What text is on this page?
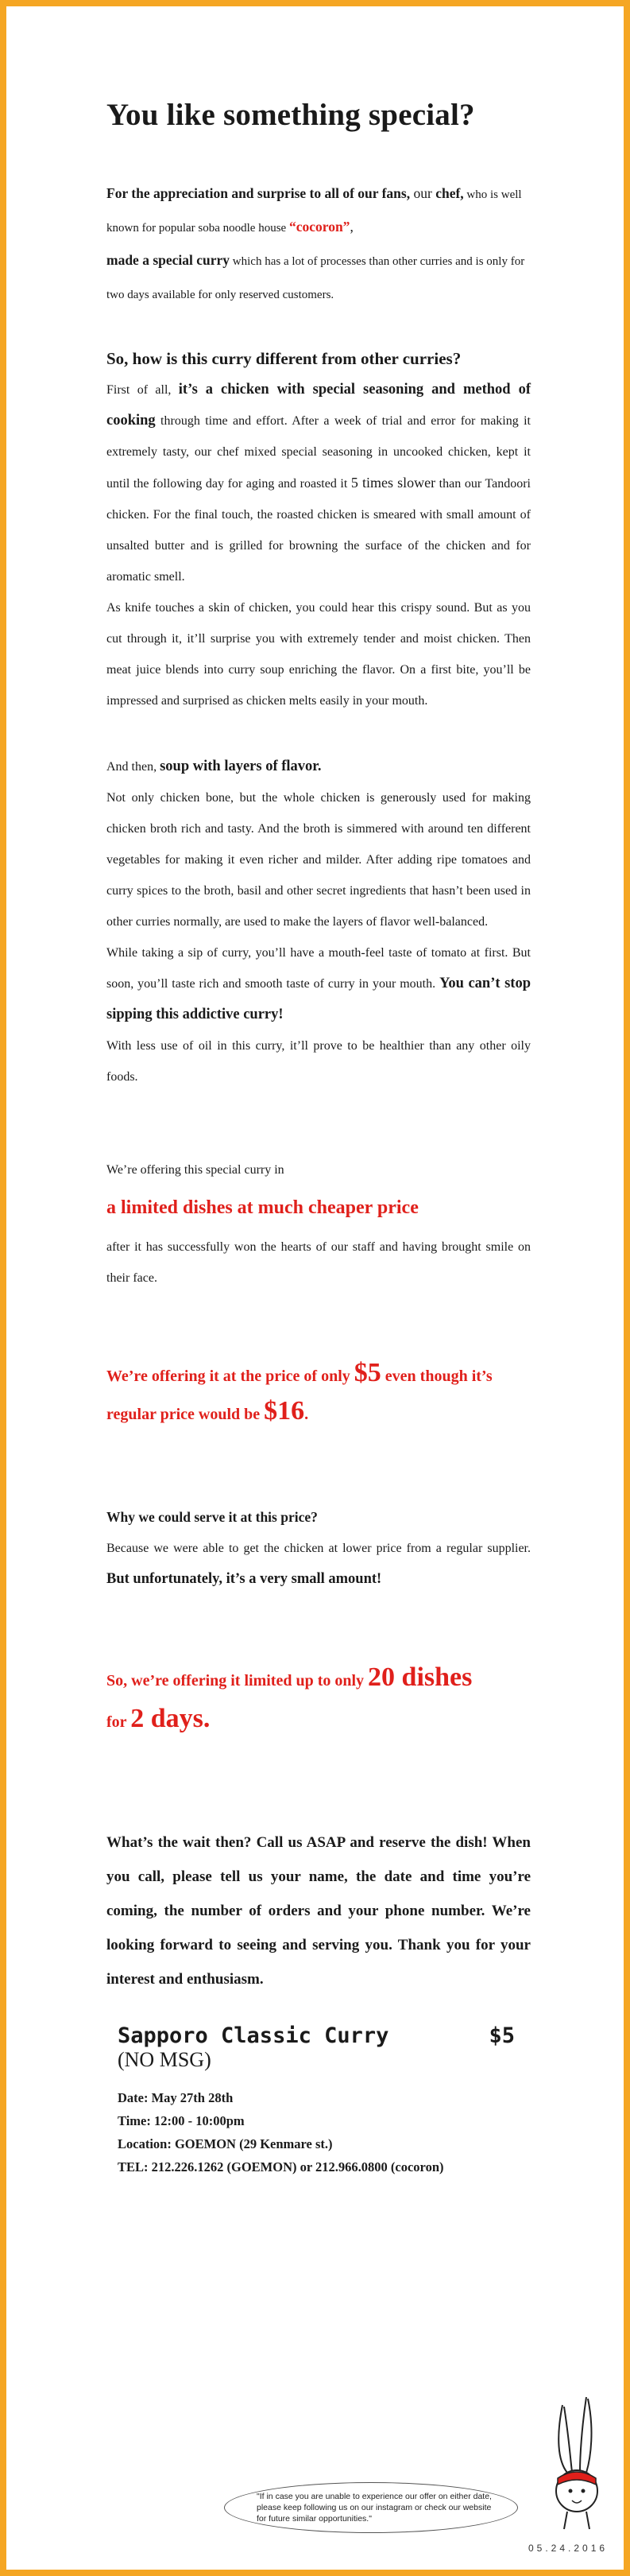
You like something special?

For the appreciation and surprise to all of our fans, our chef, who is well known for popular soba noodle house “cocoron”,
made a special curry which has a lot of processes than other curries and is only for two days available for only reserved customers.

So, how is this curry different from other curries?

First of all, it’s a chicken with special seasoning and method of cooking through time and effort. After a week of trial and error for making it extremely tasty, our chef mixed special seasoning in uncooked chicken, kept it until the following day for aging and roasted it 5 times slower than our Tandoori chicken. For the final touch, the roasted chicken is smeared with small amount of unsalted butter and is grilled for browning the surface of the chicken and for aromatic smell.

As knife touches a skin of chicken, you could hear this crispy sound. But as you cut through it, it’ll surprise you with extremely tender and moist chicken. Then meat juice blends into curry soup enriching the flavor. On a first bite, you’ll be impressed and surprised as chicken melts easily in your mouth.

And then, soup with layers of flavor.

Not only chicken bone, but the whole chicken is generously used for making chicken broth rich and tasty. And the broth is simmered with around ten different vegetables for making it even richer and milder. After adding ripe tomatoes and curry spices to the broth, basil and other secret ingredients that hasn’t been used in other curries normally, are used to make the layers of flavor well-balanced.

While taking a sip of curry, you’ll have a mouth-feel taste of tomato at first. But soon, you’ll taste rich and smooth taste of curry in your mouth. You can’t stop sipping this addictive curry!

With less use of oil in this curry, it’ll prove to be healthier than any other oily foods.

We’re offering this special curry in

a limited dishes at much cheaper price

after it has successfully won the hearts of our staff and having brought smile on their face.

We’re offering it at the price of only $5 even though it’s regular price would be $16.

Why we could serve it at this price?

Because we were able to get the chicken at lower price from a regular supplier. But unfortunately, it’s a very small amount!

So, we’re offering it limited up to only 20 dishes
for 2 days.

What’s the wait then? Call us ASAP and reserve the dish! When you call, please tell us your name, the date and time you’re coming, the number of orders and your phone number. We’re looking forward to seeing and serving you. Thank you for your interest and enthusiasm.

Sapporo Classic Curry	$5

(NO MSG)

Date: May 27th 28th

Time: 12:00 - 10:00pm

Location: GOEMON (29 Kenmare st.)

TEL: 212.226.1262 (GOEMON) or 212.966.0800 (cocoron)

"If in case you are unable to experience our offer on either date, please keep following us on our instagram or check our website for future similar opportunities."
05.24.2016
